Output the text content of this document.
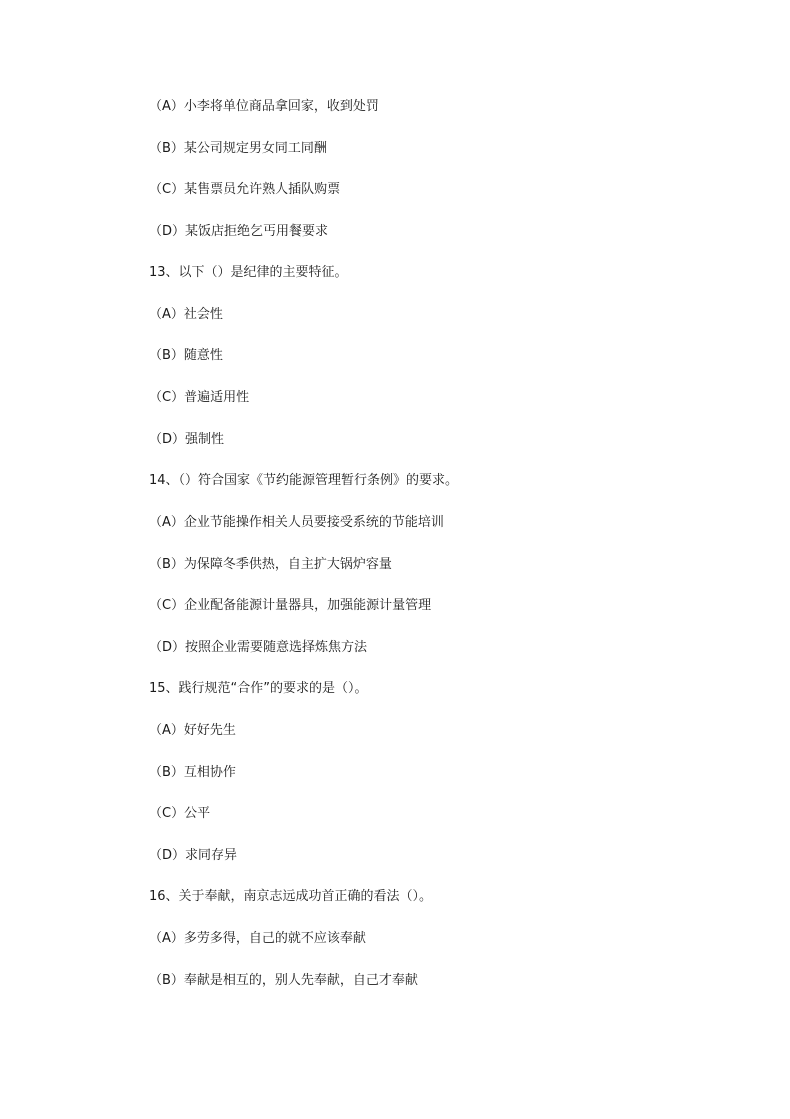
（A）小李将单位商品拿回家，收到处罚
（B）某公司规定男女同工同酬
（C）某售票员允许熟人插队购票
（D）某饭店拒绝乞丐用餐要求
13、以下（）是纪律的主要特征。
（A）社会性
（B）随意性
（C）普遍适用性
（D）强制性
14、（）符合国家《节约能源管理暂行条例》的要求。
（A）企业节能操作相关人员要接受系统的节能培训
（B）为保障冬季供热，自主扩大锅炉容量
（C）企业配备能源计量器具，加强能源计量管理
（D）按照企业需要随意选择炼焦方法
15、践行规范“合作”的要求的是（）。
（A）好好先生
（B）互相协作
（C）公平
（D）求同存异
16、关于奉献，南京志远成功首正确的看法（）。
（A）多劳多得，自己的就不应该奉献
（B）奉献是相互的，别人先奉献，自己才奉献
